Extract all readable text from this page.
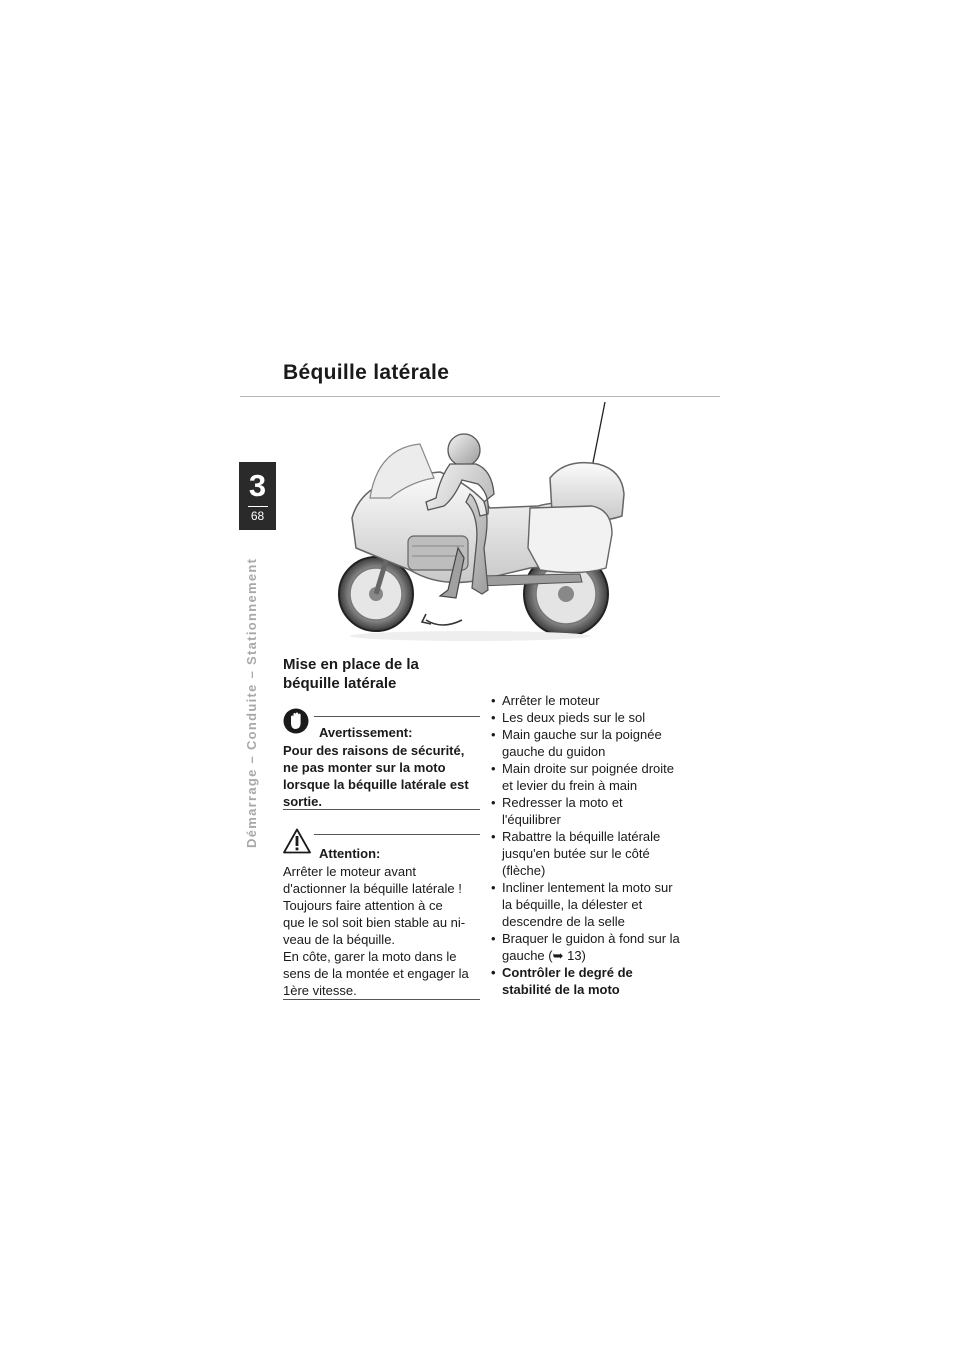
Béquille latérale
3
68
Démarrage – Conduite – Stationnement Mise en place de la
béquille latérale
Avertissement:
Pour des raisons de sécurité,
ne pas monter sur la moto
lorsque la béquille latérale est
sortie.
Attention:
Arrêter le moteur avant
d'actionner la béquille latérale !
Toujours faire attention à ce
que le sol soit bien stable au ni-
veau de la béquille.
En côte, garer la moto dans le
sens de la montée et engager la
1ère vitesse.
• Arrêter le moteur
• Les deux pieds sur le sol
• Main gauche sur la poignée
gauche du guidon
• Main droite sur poignée droite
et levier du frein à main
• Redresser la moto et
l'équilibrer
• Rabattre la béquille latérale
jusqu'en butée sur le côté
(flèche)
• Incliner lentement la moto sur
la béquille, la délester et
descendre de la selle
• Braquer le guidon à fond sur la
gauche (➥ 13)
• Contrôler le degré de
stabilité de la moto
